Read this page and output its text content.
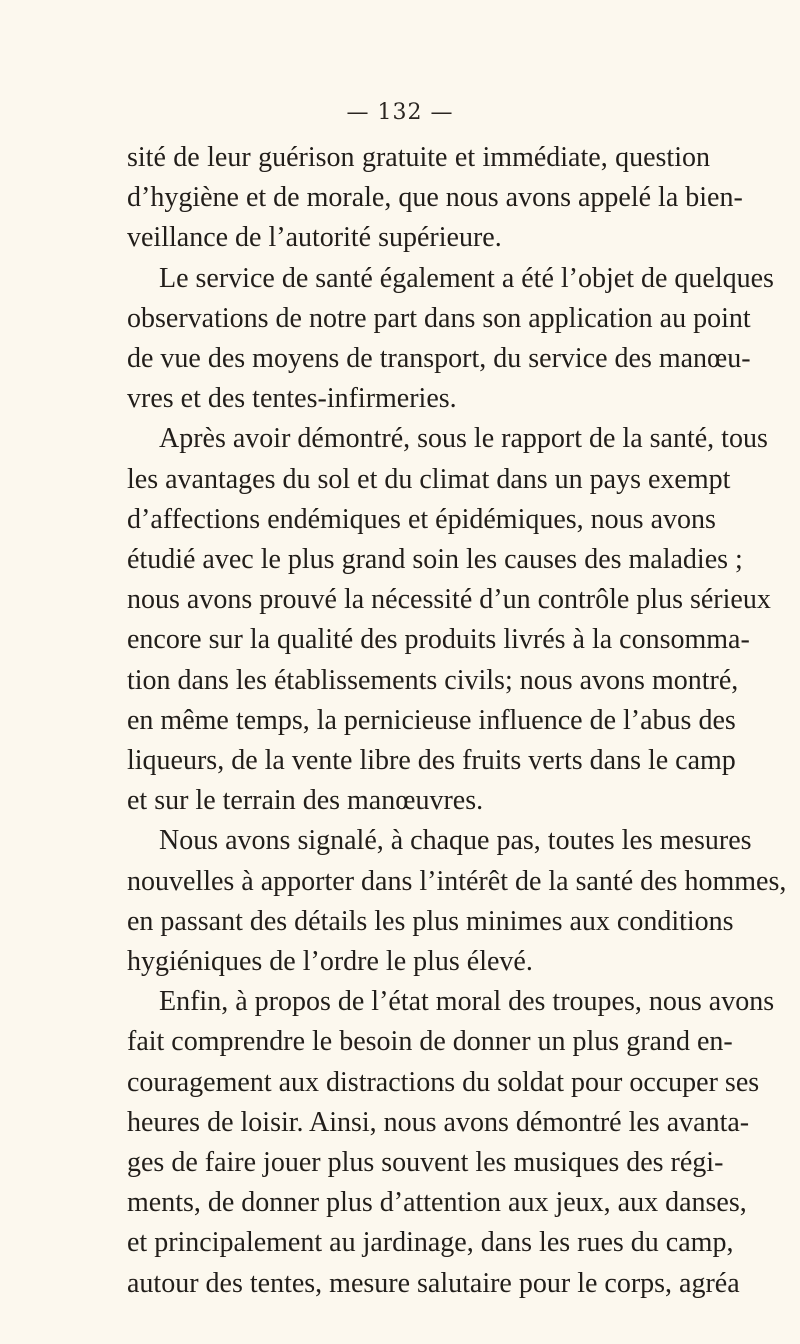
— 132 —
sité de leur guérison gratuite et immédiate, question
d’hygiène et de morale, que nous avons appelé la bien-
veillance de l’autorité supérieure.
Le service de santé également a été l’objet de quelques
observations de notre part dans son application au point
de vue des moyens de transport, du service des manœu-
vres et des tentes-infirmeries.
Après avoir démontré, sous le rapport de la santé, tous
les avantages du sol et du climat dans un pays exempt
d’affections endémiques et épidémiques, nous avons
étudié avec le plus grand soin les causes des maladies ;
nous avons prouvé la nécessité d’un contrôle plus sérieux
encore sur la qualité des produits livrés à la consomma-
tion dans les établissements civils; nous avons montré,
en même temps, la pernicieuse influence de l’abus des
liqueurs, de la vente libre des fruits verts dans le camp
et sur le terrain des manœuvres.
Nous avons signalé, à chaque pas, toutes les mesures
nouvelles à apporter dans l’intérêt de la santé des hommes,
en passant des détails les plus minimes aux conditions
hygiéniques de l’ordre le plus élevé.
Enfin, à propos de l’état moral des troupes, nous avons
fait comprendre le besoin de donner un plus grand en-
couragement aux distractions du soldat pour occuper ses
heures de loisir. Ainsi, nous avons démontré les avanta-
ges de faire jouer plus souvent les musiques des régi-
ments, de donner plus d’attention aux jeux, aux danses,
et principalement au jardinage, dans les rues du camp,
autour des tentes, mesure salutaire pour le corps, agréa
